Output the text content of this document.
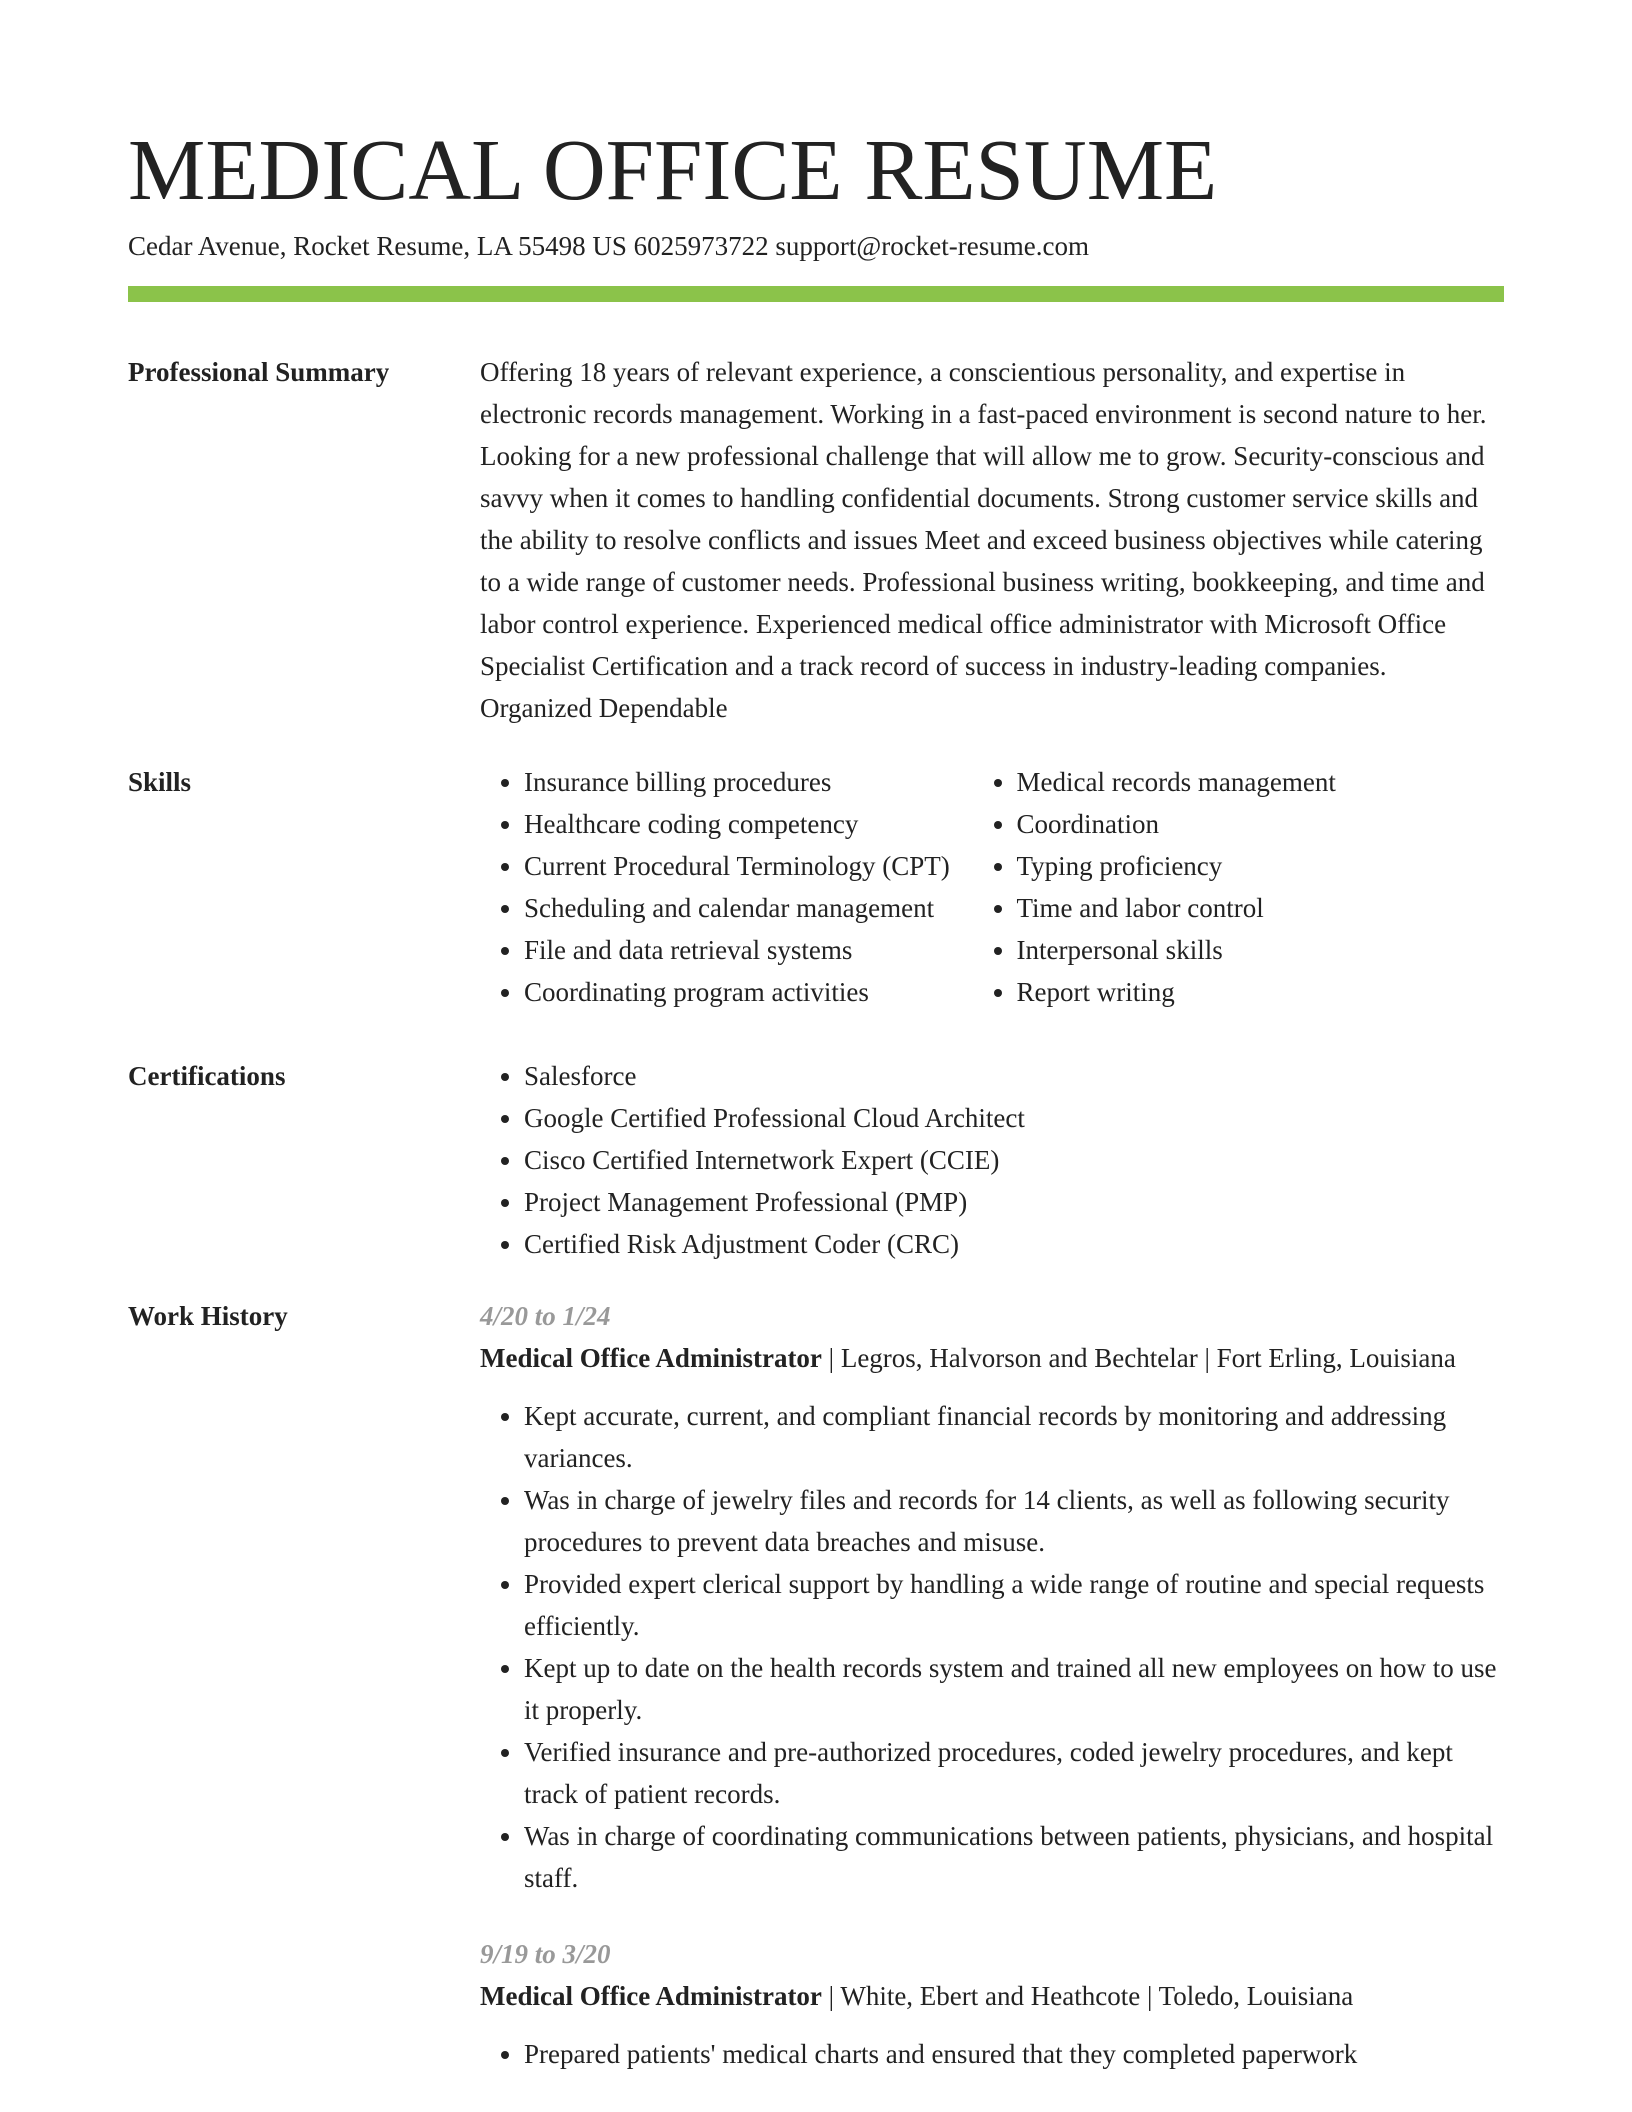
MEDICAL OFFICE RESUME
Cedar Avenue, Rocket Resume, LA 55498 US 6025973722 support@rocket-resume.com
Professional Summary	Offering 18 years of relevant experience, a conscientious personality, and expertise in electronic records management. Working in a fast-paced environment is second nature to her. Looking for a new professional challenge that will allow me to grow. Security-conscious and savvy when it comes to handling confidential documents. Strong customer service skills and the ability to resolve conflicts and issues Meet and exceed business objectives while catering to a wide range of customer needs. Professional business writing, bookkeeping, and time and labor control experience. Experienced medical office administrator with Microsoft Office Specialist Certification and a track record of success in industry-leading companies. Organized Dependable
Skills	• Insurance billing procedures
• Healthcare coding competency
• Current Procedural Terminology (CPT)
• Scheduling and calendar management
• File and data retrieval systems
• Coordinating program activities
• Medical records management
• Coordination
• Typing proficiency
• Time and labor control
• Interpersonal skills
• Report writing
Certifications	• Salesforce
• Google Certified Professional Cloud Architect
• Cisco Certified Internetwork Expert (CCIE)
• Project Management Professional (PMP)
• Certified Risk Adjustment Coder (CRC)
Work History	4/20 to 1/24
Medical Office Administrator | Legros, Halvorson and Bechtelar | Fort Erling, Louisiana
• Kept accurate, current, and compliant financial records by monitoring and addressing variances.
• Was in charge of jewelry files and records for 14 clients, as well as following security procedures to prevent data breaches and misuse.
• Provided expert clerical support by handling a wide range of routine and special requests efficiently.
• Kept up to date on the health records system and trained all new employees on how to use it properly.
• Verified insurance and pre-authorized procedures, coded jewelry procedures, and kept track of patient records.
• Was in charge of coordinating communications between patients, physicians, and hospital staff.
9/19 to 3/20
Medical Office Administrator | White, Ebert and Heathcote | Toledo, Louisiana
• Prepared patients' medical charts and ensured that they completed paperwork
